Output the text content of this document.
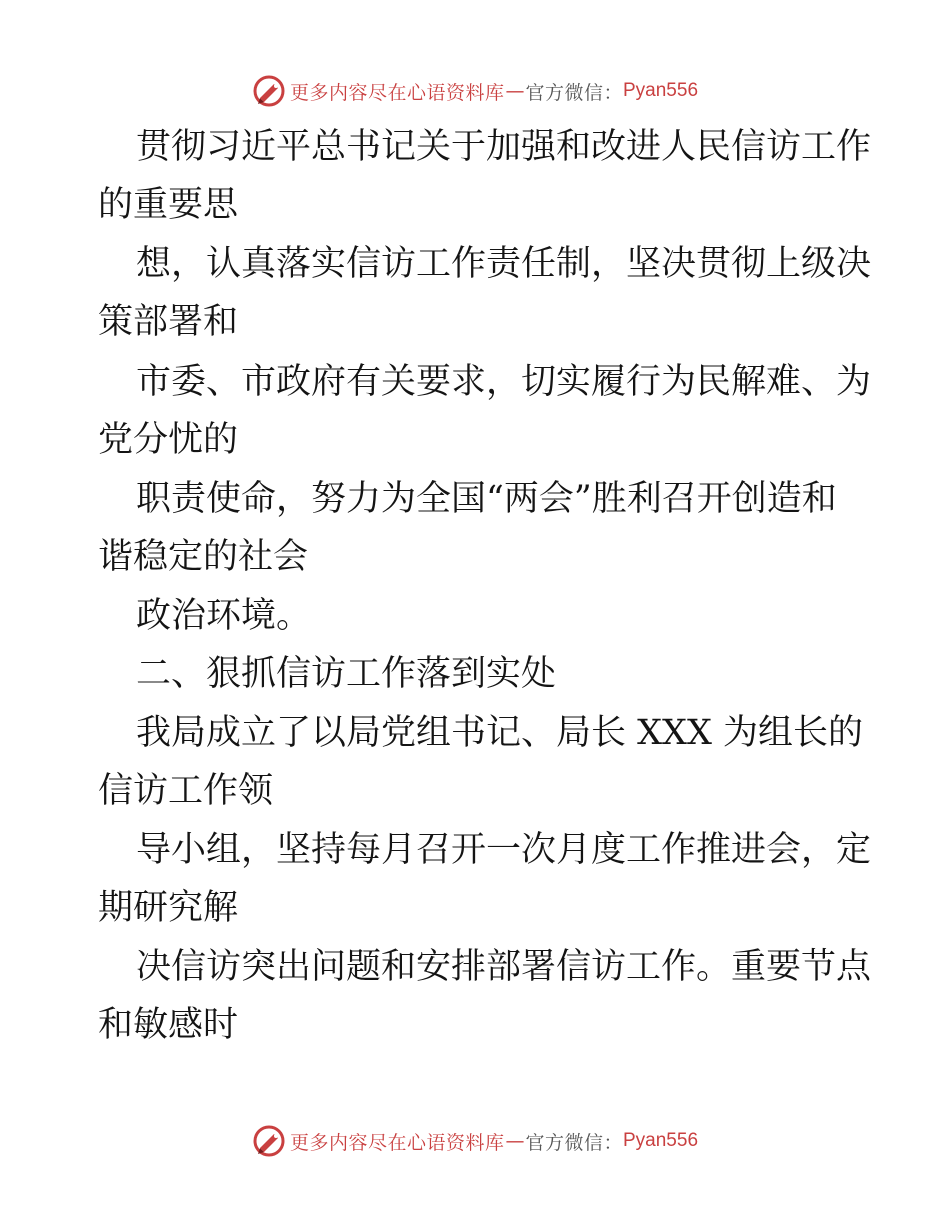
更多内容尽在心语资料库 — 官方微信： Pyan556
贯彻习近平总书记关于加强和改进人民信访工作
的重要思
想，认真落实信访工作责任制，坚决贯彻上级决
策部署和
市委、市政府有关要求，切实履行为民解难、为
党分忧的
职责使命，努力为全国“两会”胜利召开创造和
谐稳定的社会
政治环境。
二、狠抓信访工作落到实处
我局成立了以局党组书记、局长 XXX 为组长的
信访工作领
导小组，坚持每月召开一次月度工作推进会，定
期研究解
决信访突出问题和安排部署信访工作。重要节点
和敏感时
更多内容尽在心语资料库 — 官方微信： Pyan556
